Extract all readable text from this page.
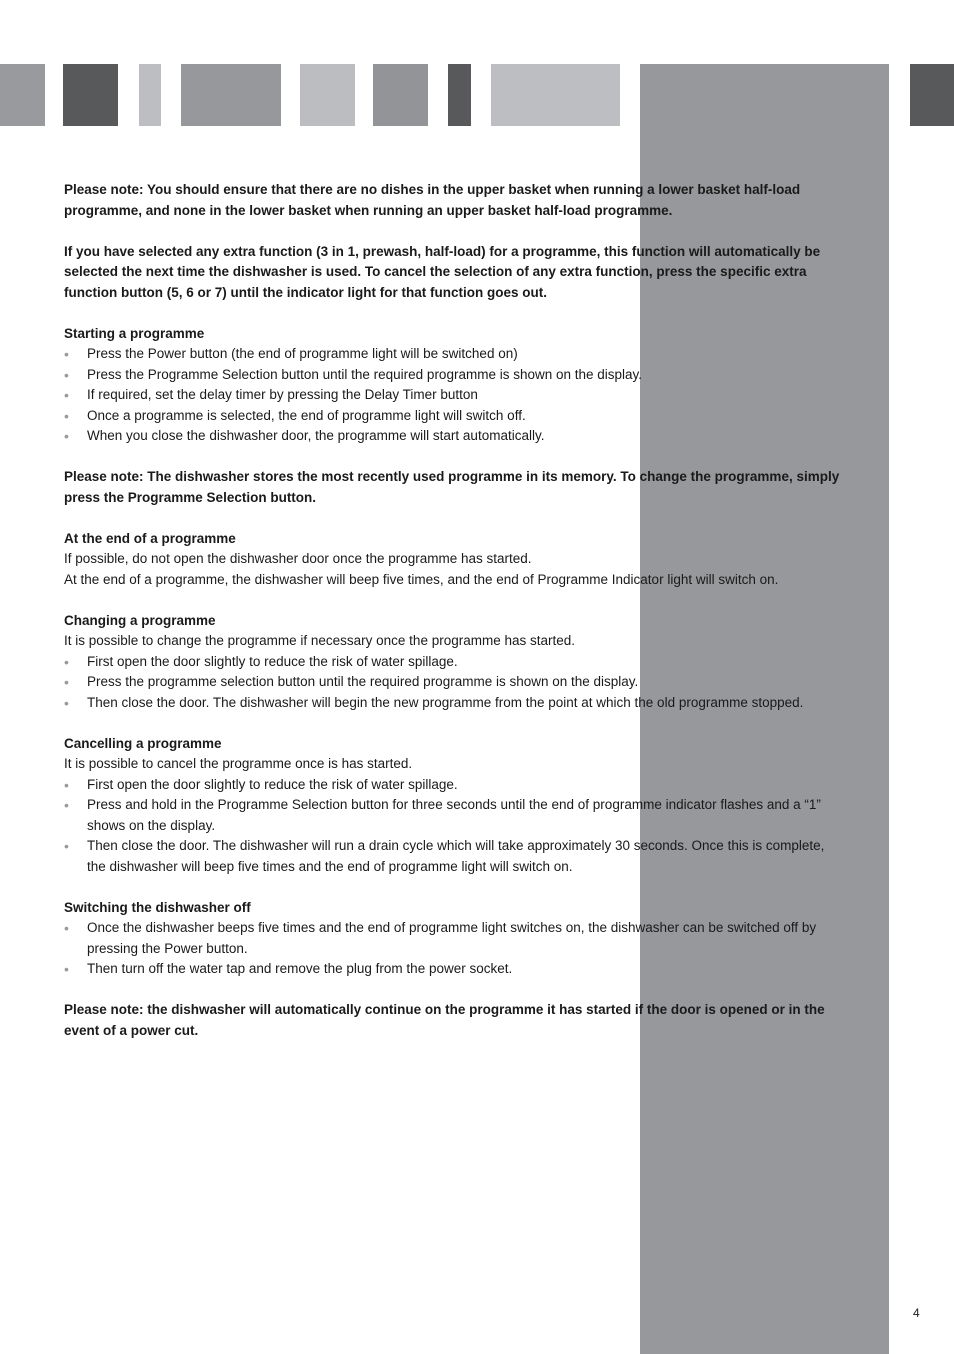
Please note: You should ensure that there are no dishes in the upper basket when running a lower basket half-load programme, and none in the lower basket when running an upper basket half-load programme.

If you have selected any extra function (3 in 1, prewash, half-load) for a programme, this function will automatically be selected the next time the dishwasher is used. To cancel the selection of any extra function, press the specific extra function button (5, 6 or 7) until the indicator light for that function goes out.

Starting a programme
• Press the Power button (the end of programme light will be switched on)
• Press the Programme Selection button until the required programme is shown on the display.
• If required, set the delay timer by pressing the Delay Timer button
• Once a programme is selected, the end of programme light will switch off.
• When you close the dishwasher door, the programme will start automatically.

Please note: The dishwasher stores the most recently used programme in its memory. To change the programme, simply press the Programme Selection button.

At the end of a programme
If possible, do not open the dishwasher door once the programme has started.
At the end of a programme, the dishwasher will beep five times, and the end of Programme Indicator light will switch on.
Changing a programme
It is possible to change the programme if necessary once the programme has started.
• First open the door slightly to reduce the risk of water spillage.
• Press the programme selection button until the required programme is shown on the display.
• Then close the door. The dishwasher will begin the new programme from the point at which the old programme stopped.
Cancelling a programme
It is possible to cancel the programme once is has started.
• First open the door slightly to reduce the risk of water spillage.
• Press and hold in the Programme Selection button for three seconds until the end of programme indicator flashes and a “1” shows on the display.
• Then close the door. The dishwasher will run a drain cycle which will take approximately 30 seconds. Once this is complete, the dishwasher will beep five times and the end of programme light will switch on.
Switching the dishwasher off
• Once the dishwasher beeps five times and the end of programme light switches on, the dishwasher can be switched off by pressing the Power button.
• Then turn off the water tap and remove the plug from the power socket.

Please note: the dishwasher will automatically continue on the programme it has started if the door is opened or in the event of a power cut.

4
